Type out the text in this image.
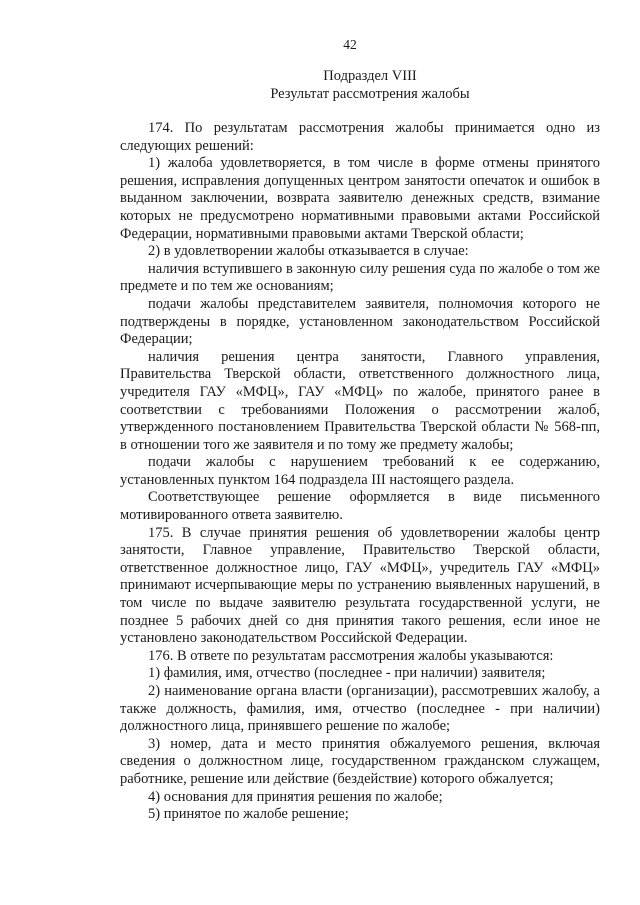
42
Подраздел VIII
Результат рассмотрения жалобы

174. По результатам рассмотрения жалобы принимается одно из следующих решений:

1) жалоба удовлетворяется, в том числе в форме отмены принятого решения, исправления допущенных центром занятости опечаток и ошибок в выданном заключении, возврата заявителю денежных средств, взимание которых не предусмотрено нормативными правовыми актами Российской Федерации, нормативными правовыми актами Тверской области;

2) в удовлетворении жалобы отказывается в случае:

наличия вступившего в законную силу решения суда по жалобе о том же предмете и по тем же основаниям;

подачи жалобы представителем заявителя, полномочия которого не подтверждены в порядке, установленном законодательством Российской Федерации;

наличия решения центра занятости, Главного управления, Правительства Тверской области, ответственного должностного лица, учредителя ГАУ «МФЦ», ГАУ «МФЦ» по жалобе, принятого ранее в соответствии с требованиями Положения о рассмотрении жалоб, утвержденного постановлением Правительства Тверской области № 568-пп, в отношении того же заявителя и по тому же предмету жалобы;

подачи жалобы с нарушением требований к ее содержанию, установленных пунктом 164 подраздела III настоящего раздела.

Соответствующее решение оформляется в виде письменного мотивированного ответа заявителю.

175. В случае принятия решения об удовлетворении жалобы центр занятости, Главное управление, Правительство Тверской области, ответственное должностное лицо, ГАУ «МФЦ», учредитель ГАУ «МФЦ» принимают исчерпывающие меры по устранению выявленных нарушений, в том числе по выдаче заявителю результата государственной услуги, не позднее 5 рабочих дней со дня принятия такого решения, если иное не установлено законодательством Российской Федерации.

176. В ответе по результатам рассмотрения жалобы указываются:

1) фамилия, имя, отчество (последнее - при наличии) заявителя;

2) наименование органа власти (организации), рассмотревших жалобу, а также должность, фамилия, имя, отчество (последнее - при наличии) должностного лица, принявшего решение по жалобе;

3) номер, дата и место принятия обжалуемого решения, включая сведения о должностном лице, государственном гражданском служащем, работнике, решение или действие (бездействие) которого обжалуется;

4) основания для принятия решения по жалобе;

5) принятое по жалобе решение;
